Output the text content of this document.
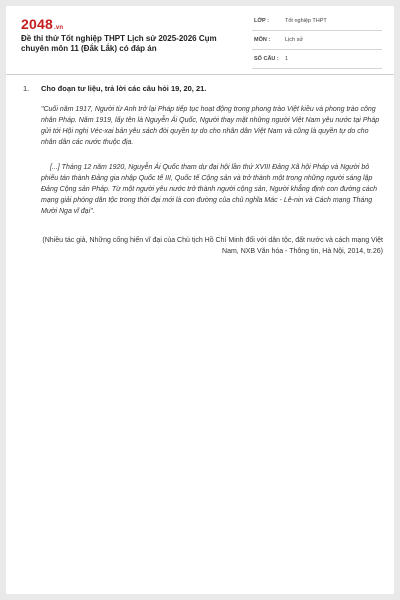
2048.vn
Đề thi thử Tốt nghiệp THPT Lịch sử 2025-2026 Cụm chuyên môn 11 (Đắk Lắk) có đáp án
LỚP :	Tốt nghiệp THPT
MÔN :	Lịch sử
SỐ CÂU : 1
1. Cho đoạn tư liệu, trả lời các câu hỏi 19, 20, 21.

"Cuối năm 1917, Người từ Anh trở lại Pháp tiếp tục hoạt động trong phong trào Việt kiều và phong trào công nhân Pháp. Năm 1919, lấy tên là Nguyễn Ái Quốc, Người thay mặt những người Việt Nam yêu nước tại Pháp gửi tới Hội nghị Véc-xai bản yêu sách đòi quyền tự do cho nhân dân Việt Nam và cũng là quyền tự do cho nhân dân các nước thuộc địa.

[...] Tháng 12 năm 1920, Nguyễn Ái Quốc tham dự đại hội lần thứ XVIII Đảng Xã hội Pháp và Người bỏ phiếu tán thành Đảng gia nhập Quốc tế III, Quốc tế Cộng sản và trở thành một trong những người sáng lập Đảng Cộng sản Pháp. Từ một người yêu nước trở thành người cộng sản, Người khẳng định con đường cách mạng giải phóng dân tộc trong thời đại mới là con đường của chủ nghĩa Mác - Lê-nin và Cách mạng Tháng Mười Nga vĩ đại".

(Nhiều tác giả, Những cống hiến vĩ đại của Chủ tịch Hồ Chí Minh đối với dân tộc, đất nước và cách mạng Việt Nam, NXB Văn hóa - Thông tin, Hà Nội, 2014, tr.26)
